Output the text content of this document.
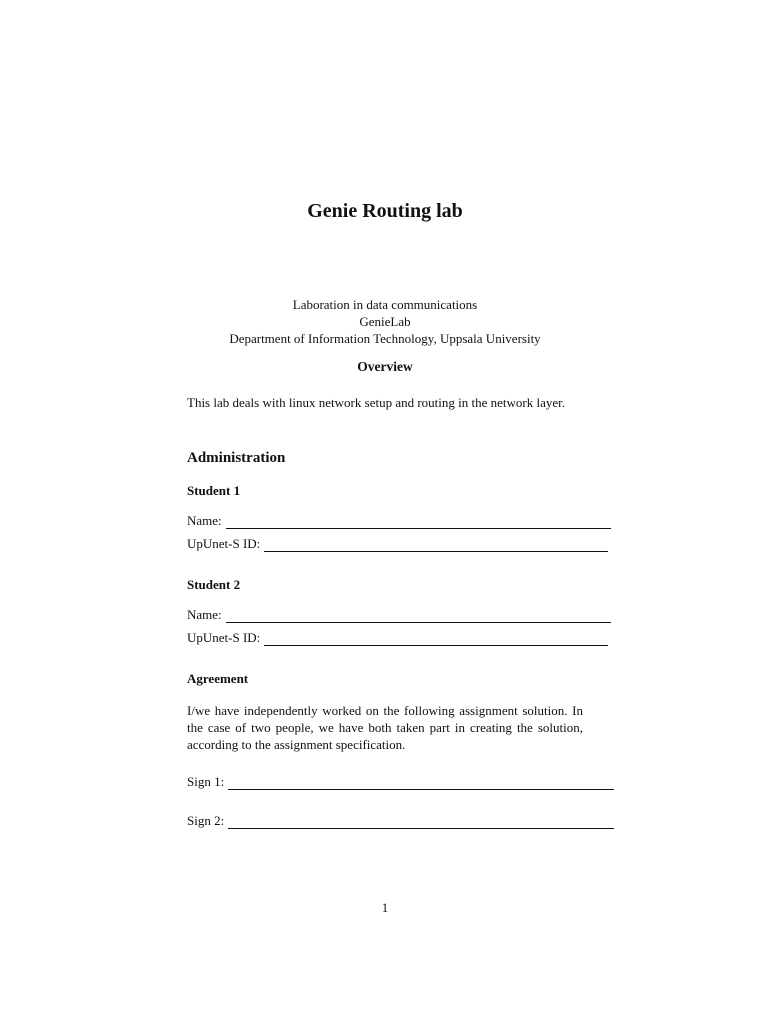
Genie Routing lab
Laboration in data communications
GenieLab
Department of Information Technology, Uppsala University
Overview
This lab deals with linux network setup and routing in the network layer.
Administration
Student 1
Name:
UpUnet-S ID:
Student 2
Name:
UpUnet-S ID:
Agreement
I/we have independently worked on the following assignment solution. In the case of two people, we have both taken part in creating the solution, according to the assignment specification.
Sign 1:
Sign 2:
1
